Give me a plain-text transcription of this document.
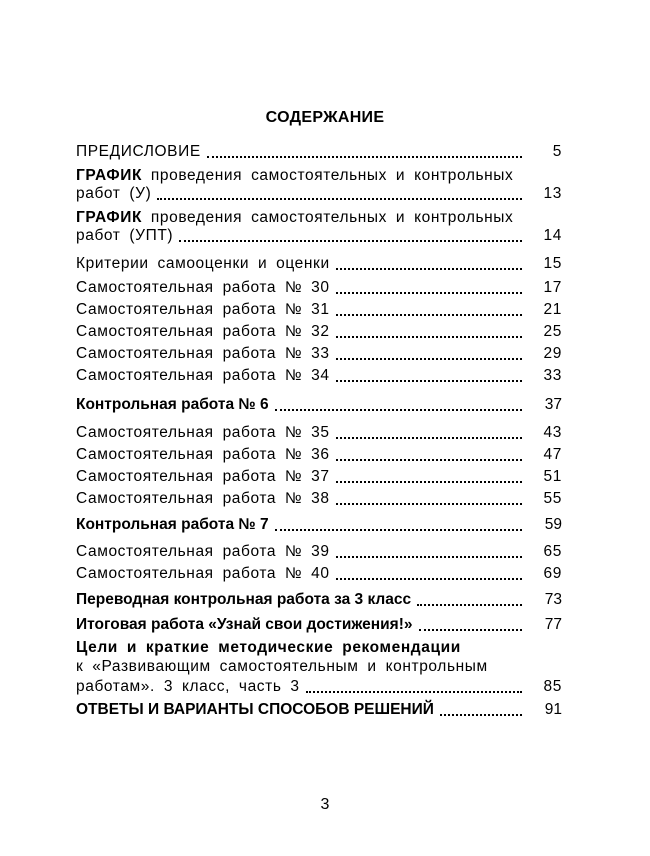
СОДЕРЖАНИЕ
ПРЕДИСЛОВИЕ	5
ГРАФИК проведения самостоятельных и контрольных
работ (У)	13
ГРАФИК проведения самостоятельных и контрольных
работ (УПТ)	14
Критерии самооценки и оценки	15
Самостоятельная работа № 30	17
Самостоятельная работа № 31	21
Самостоятельная работа № 32	25
Самостоятельная работа № 33	29
Самостоятельная работа № 34	33
Контрольная работа № 6	37
Самостоятельная работа № 35	43
Самостоятельная работа № 36	47
Самостоятельная работа № 37	51
Самостоятельная работа № 38	55
Контрольная работа № 7	59
Самостоятельная работа № 39	65
Самостоятельная работа № 40	69
Переводная контрольная работа за 3 класс	73
Итоговая работа «Узнай свои достижения!»	77
Цели и краткие методические рекомендации
к «Развивающим самостоятельным и контрольным
работам». 3 класс, часть 3	85
ОТВЕТЫ И ВАРИАНТЫ СПОСОБОВ РЕШЕНИЙ	91
3
